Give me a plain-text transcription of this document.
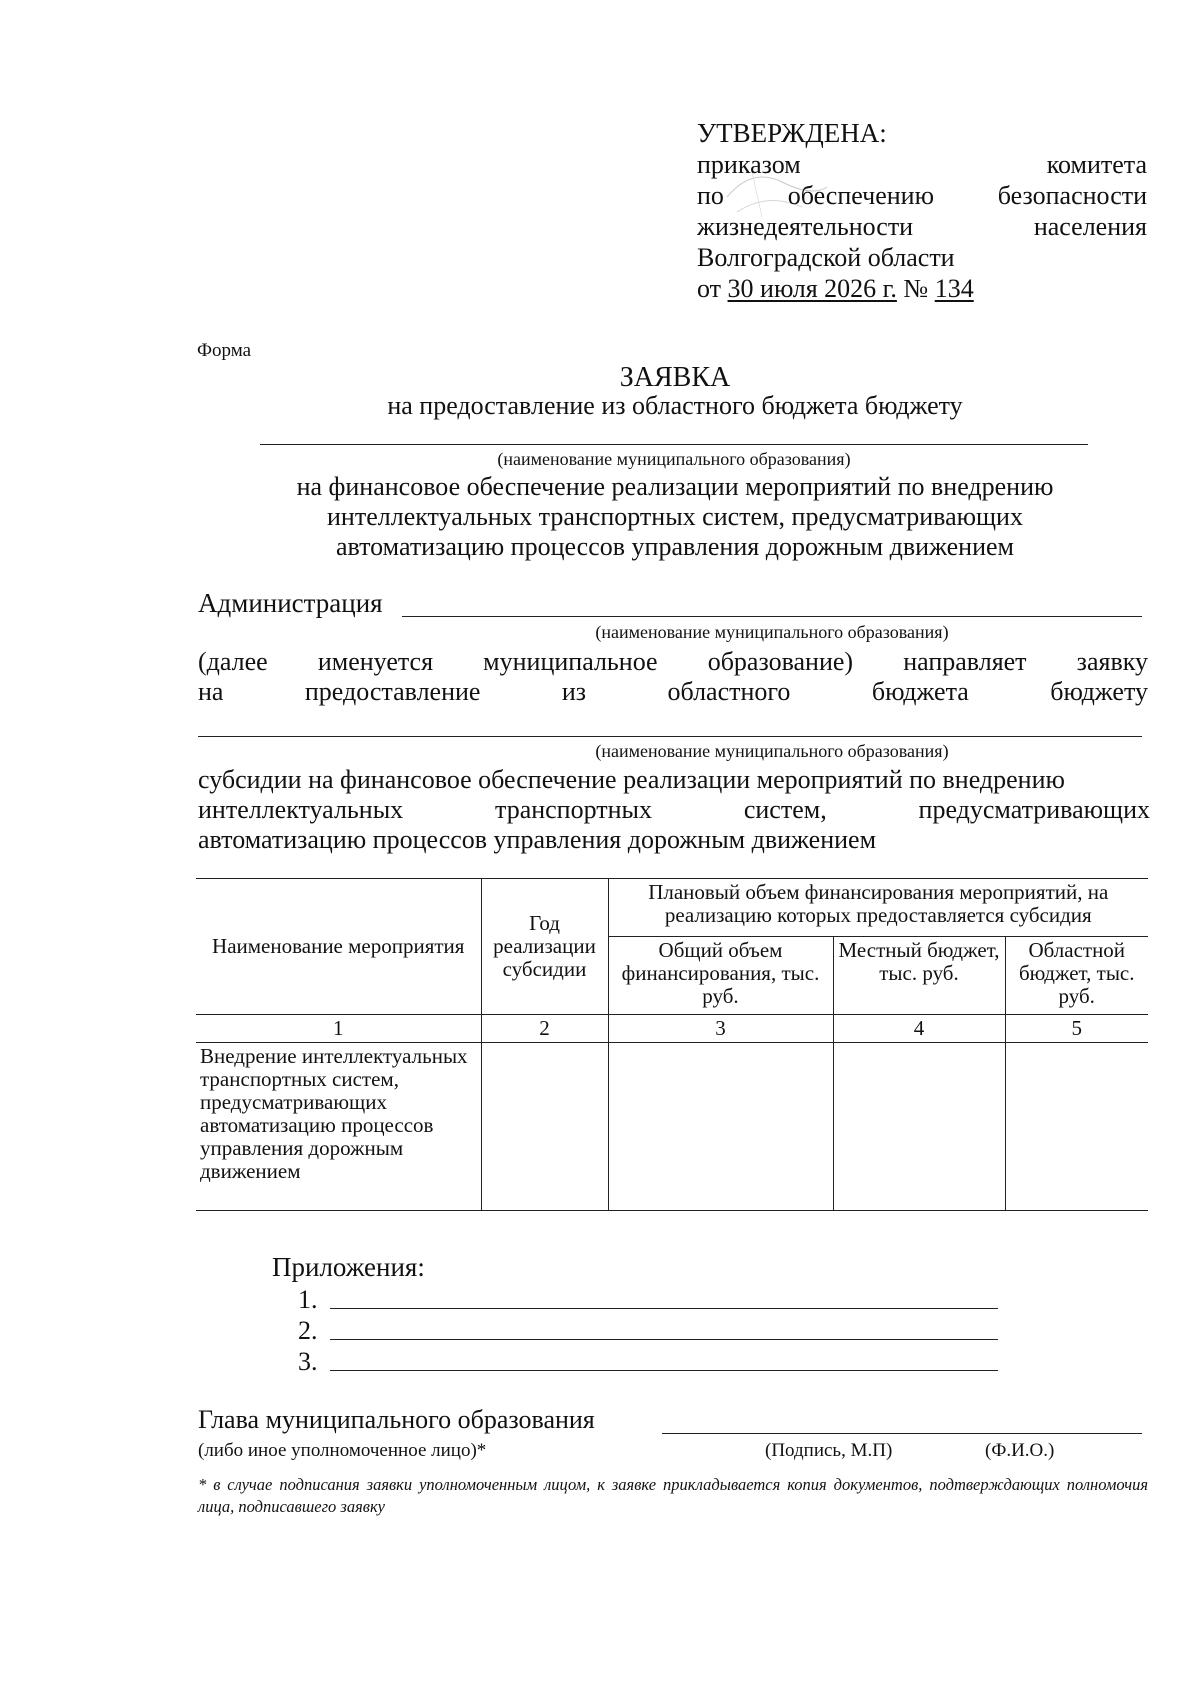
УТВЕРЖДЕНА:
приказом	комитета
по обеспечению безопасности
жизнедеятельности	населения
Волгоградской области
от 30 июля 2026 г. № 134
Форма
ЗАЯВКА
на предоставление из областного бюджета бюджету
(наименование муниципального образования)
на финансовое обеспечение реализации мероприятий по внедрению
интеллектуальных транспортных систем, предусматривающих
автоматизацию процессов управления дорожным движением
Администрация
(наименование муниципального образования)
(далее именуется муниципальное образование) направляет заявку
на предоставление из областного бюджета бюджету
(наименование муниципального образования)
субсидии на финансовое обеспечение реализации мероприятий по внедрению
интеллектуальных транспортных систем, предусматривающих
автоматизацию процессов управления дорожным движением
Наименование мероприятия	Год реализации субсидии	Плановый объем финансирования мероприятий, на реализацию которых предоставляется субсидия		
		Общий объем финансирования, тыс. руб.	Местный бюджет, тыс. руб.	Областной бюджет, тыс. руб.
1	2	3	4	5
Внедрение интеллектуальных транспортных систем, предусматривающих автоматизацию процессов управления дорожным движением				
Приложения:
1.
2.
3.
Глава муниципального образования
(либо иное уполномоченное лицо)*	(Подпись, М.П)	(Ф.И.О.)
* в случае подписания заявки уполномоченным лицом, к заявке прикладывается копия документов, подтверждающих полномочия лица, подписавшего заявку
